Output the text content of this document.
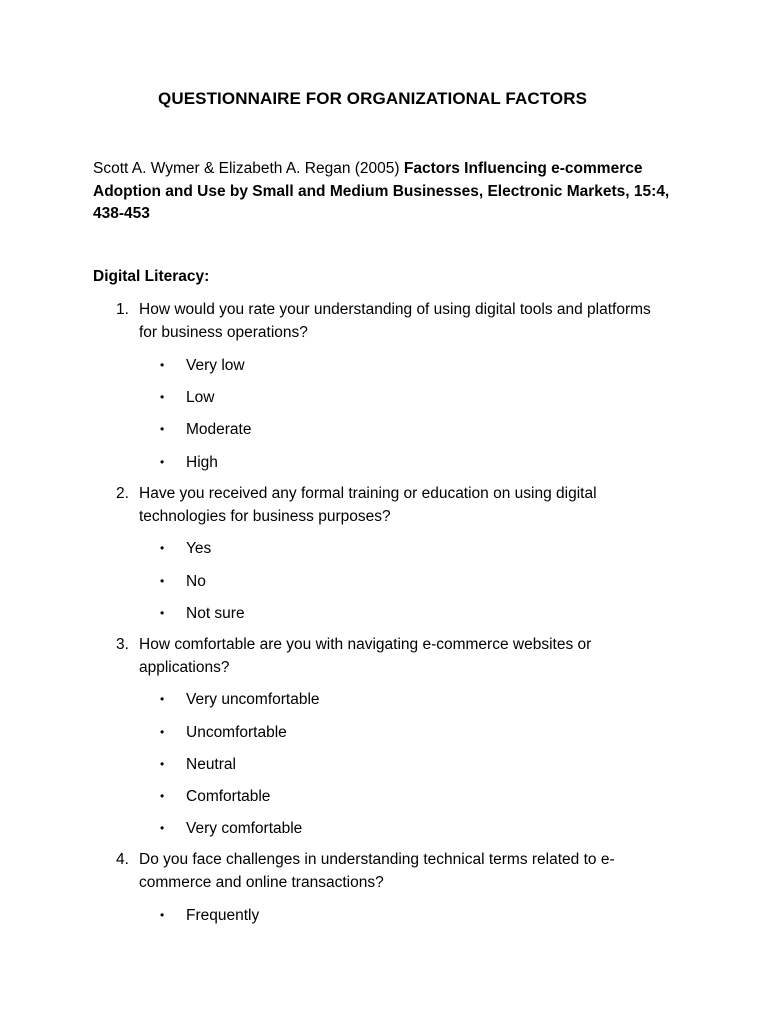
QUESTIONNAIRE FOR ORGANIZATIONAL FACTORS
Scott A. Wymer & Elizabeth A. Regan (2005) Factors Influencing e-commerce Adoption and Use by Small and Medium Businesses, Electronic Markets, 15:4, 438-453
Digital Literacy:
1. How would you rate your understanding of using digital tools and platforms for business operations?
• Very low
• Low
• Moderate
• High
2. Have you received any formal training or education on using digital technologies for business purposes?
• Yes
• No
• Not sure
3. How comfortable are you with navigating e-commerce websites or applications?
• Very uncomfortable
• Uncomfortable
• Neutral
• Comfortable
• Very comfortable
4. Do you face challenges in understanding technical terms related to e-commerce and online transactions?
• Frequently
